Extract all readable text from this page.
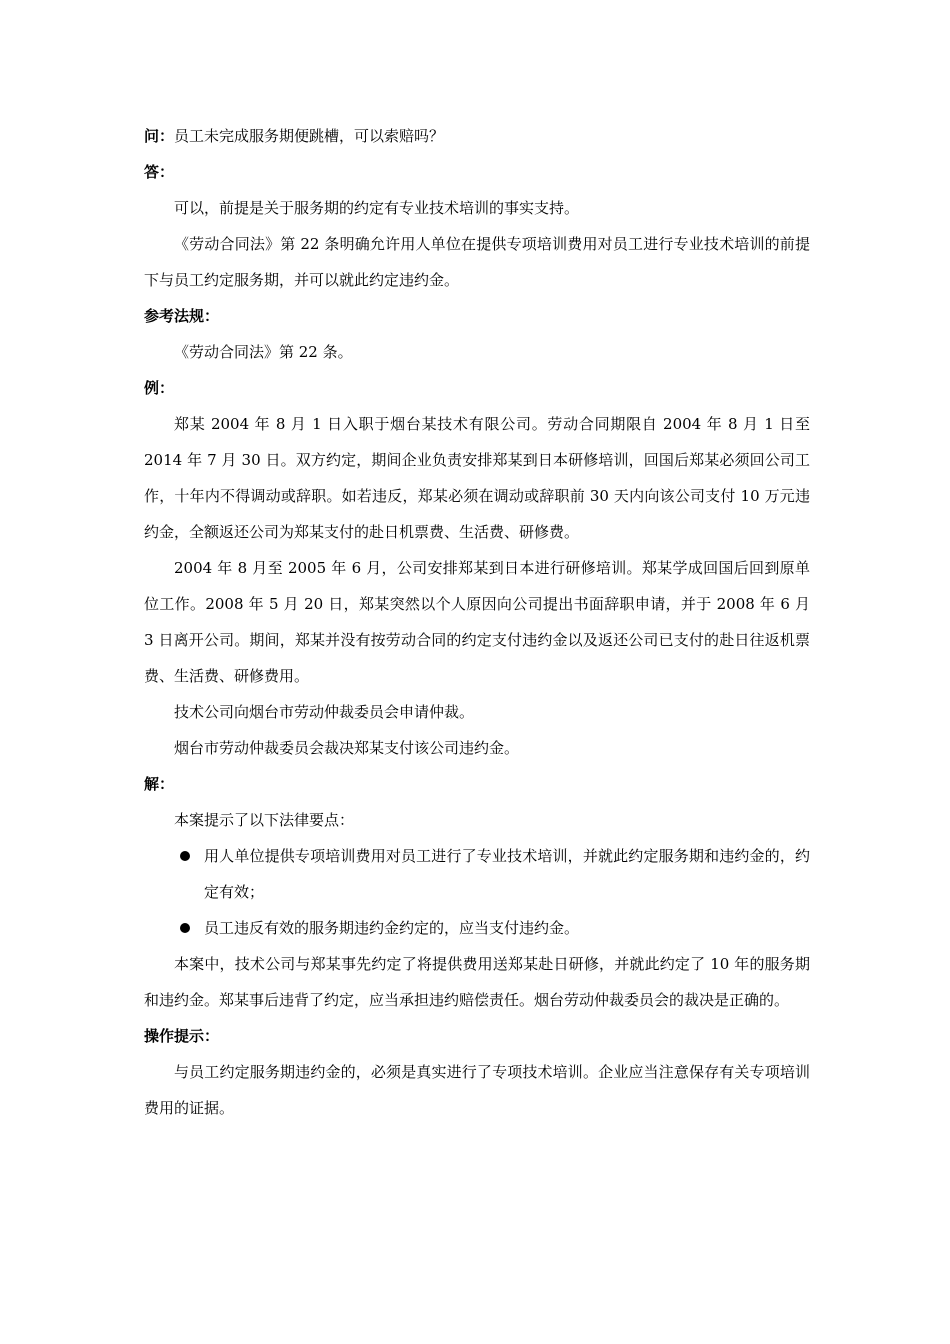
问：员工未完成服务期便跳槽，可以索赔吗？

答：

可以，前提是关于服务期的约定有专业技术培训的事实支持。

《劳动合同法》第 22 条明确允许用人单位在提供专项培训费用对员工进行专业技术培训的前提下与员工约定服务期，并可以就此约定违约金。

参考法规：

《劳动合同法》第 22 条。

例：

郑某 2004 年 8 月 1 日入职于烟台某技术有限公司。劳动合同期限自 2004 年 8 月 1 日至 2014 年 7 月 30 日。双方约定，期间企业负责安排郑某到日本研修培训，回国后郑某必须回公司工作，十年内不得调动或辞职。如若违反，郑某必须在调动或辞职前 30 天内向该公司支付 10 万元违约金，全额返还公司为郑某支付的赴日机票费、生活费、研修费。

2004 年 8 月至 2005 年 6 月，公司安排郑某到日本进行研修培训。郑某学成回国后回到原单位工作。2008 年 5 月 20 日，郑某突然以个人原因向公司提出书面辞职申请，并于 2008 年 6 月 3 日离开公司。期间，郑某并没有按劳动合同的约定支付违约金以及返还公司已支付的赴日往返机票费、生活费、研修费用。

技术公司向烟台市劳动仲裁委员会申请仲裁。

烟台市劳动仲裁委员会裁决郑某支付该公司违约金。

解：

本案提示了以下法律要点：

用人单位提供专项培训费用对员工进行了专业技术培训，并就此约定服务期和违约金的，约定有效；
员工违反有效的服务期违约金约定的，应当支付违约金。

本案中，技术公司与郑某事先约定了将提供费用送郑某赴日研修，并就此约定了 10 年的服务期和违约金。郑某事后违背了约定，应当承担违约赔偿责任。烟台劳动仲裁委员会的裁决是正确的。

操作提示：

与员工约定服务期违约金的，必须是真实进行了专项技术培训。企业应当注意保存有关专项培训费用的证据。
